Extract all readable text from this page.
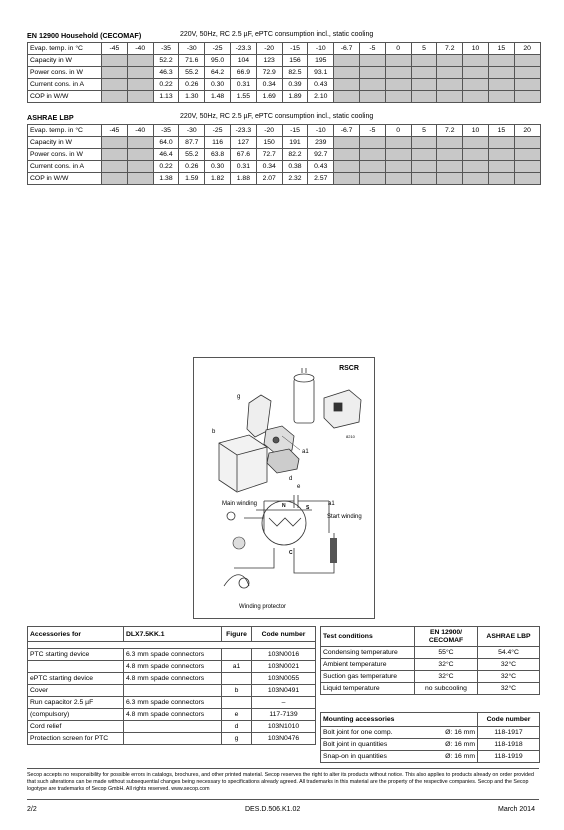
EN 12900 Household (CECOMAF)	220V, 50Hz, RC 2.5 µF, ePTC consumption incl., static cooling
Evap. temp. in °C	-45	-40	-35	-30	-25	-23.3	-20	-15	-10	-6.7	-5	0	5	7.2	10	15	20
Capacity in W			52.2	71.6	95.0	104	123	156	195								
Power cons. in W			46.3	55.2	64.2	66.9	72.9	82.5	93.1								
Current cons. in A			0.22	0.26	0.30	0.31	0.34	0.39	0.43								
COP in W/W			1.13	1.30	1.48	1.55	1.69	1.89	2.10								
ASHRAE LBP	220V, 50Hz, RC 2.5 µF, ePTC consumption incl., static cooling
Evap. temp. in °C	-45	-40	-35	-30	-25	-23.3	-20	-15	-10	-6.7	-5	0	5	7.2	10	15	20
Capacity in W			64.0	87.7	116	127	150	191	239								
Power cons. in W			46.4	55.2	63.8	67.6	72.7	82.2	92.7								
Current cons. in A			0.22	0.26	0.30	0.31	0.34	0.38	0.43								
COP in W/W			1.38	1.59	1.82	1.88	2.07	2.32	2.57								
RSCR
8210
g
a1
b
d
e
Main winding
Start winding
a1
N	S
C
Winding protector
Accessories for	DLX7.5KK.1	Figure	Code number

PTC starting device	6.3 mm spade connectors		103N0016
	4.8 mm spade connectors	a1	103N0021
ePTC starting device	4.8 mm spade connectors		103N0055
Cover		b	103N0491
Run capacitor 2.5 µF	6.3 mm spade connectors		–
(compulsory)	4.8 mm spade connectors	e	117-7139
Cord relief		d	103N1010
Protection screen for PTC		g	103N0476
Test conditions	EN 12900/ CECOMAF	ASHRAE LBP
Condensing temperature	55°C	54.4°C
Ambient temperature	32°C	32°C
Suction gas temperature	32°C	32°C
Liquid temperature	no subcooling	32°C
Mounting accessories		Code number
Bolt joint for one comp.	Ø: 16 mm	118-1917
Bolt joint in quantities	Ø: 16 mm	118-1918
Snap-on in quantities	Ø: 16 mm	118-1919
Secop accepts no responsibility for possible errors in catalogs, brochures, and other printed material. Secop reserves the right to alter its products without notice. This also applies to products already on order provided that such alterations can be made without subsequential changes being necessary to specifications already agreed. All trademarks in this material are the property of the respective companies. Secop and the Secop logotype are trademarks of Secop GmbH. All rights reserved. www.secop.com
2/2	DES.D.506.K1.02	March 2014
